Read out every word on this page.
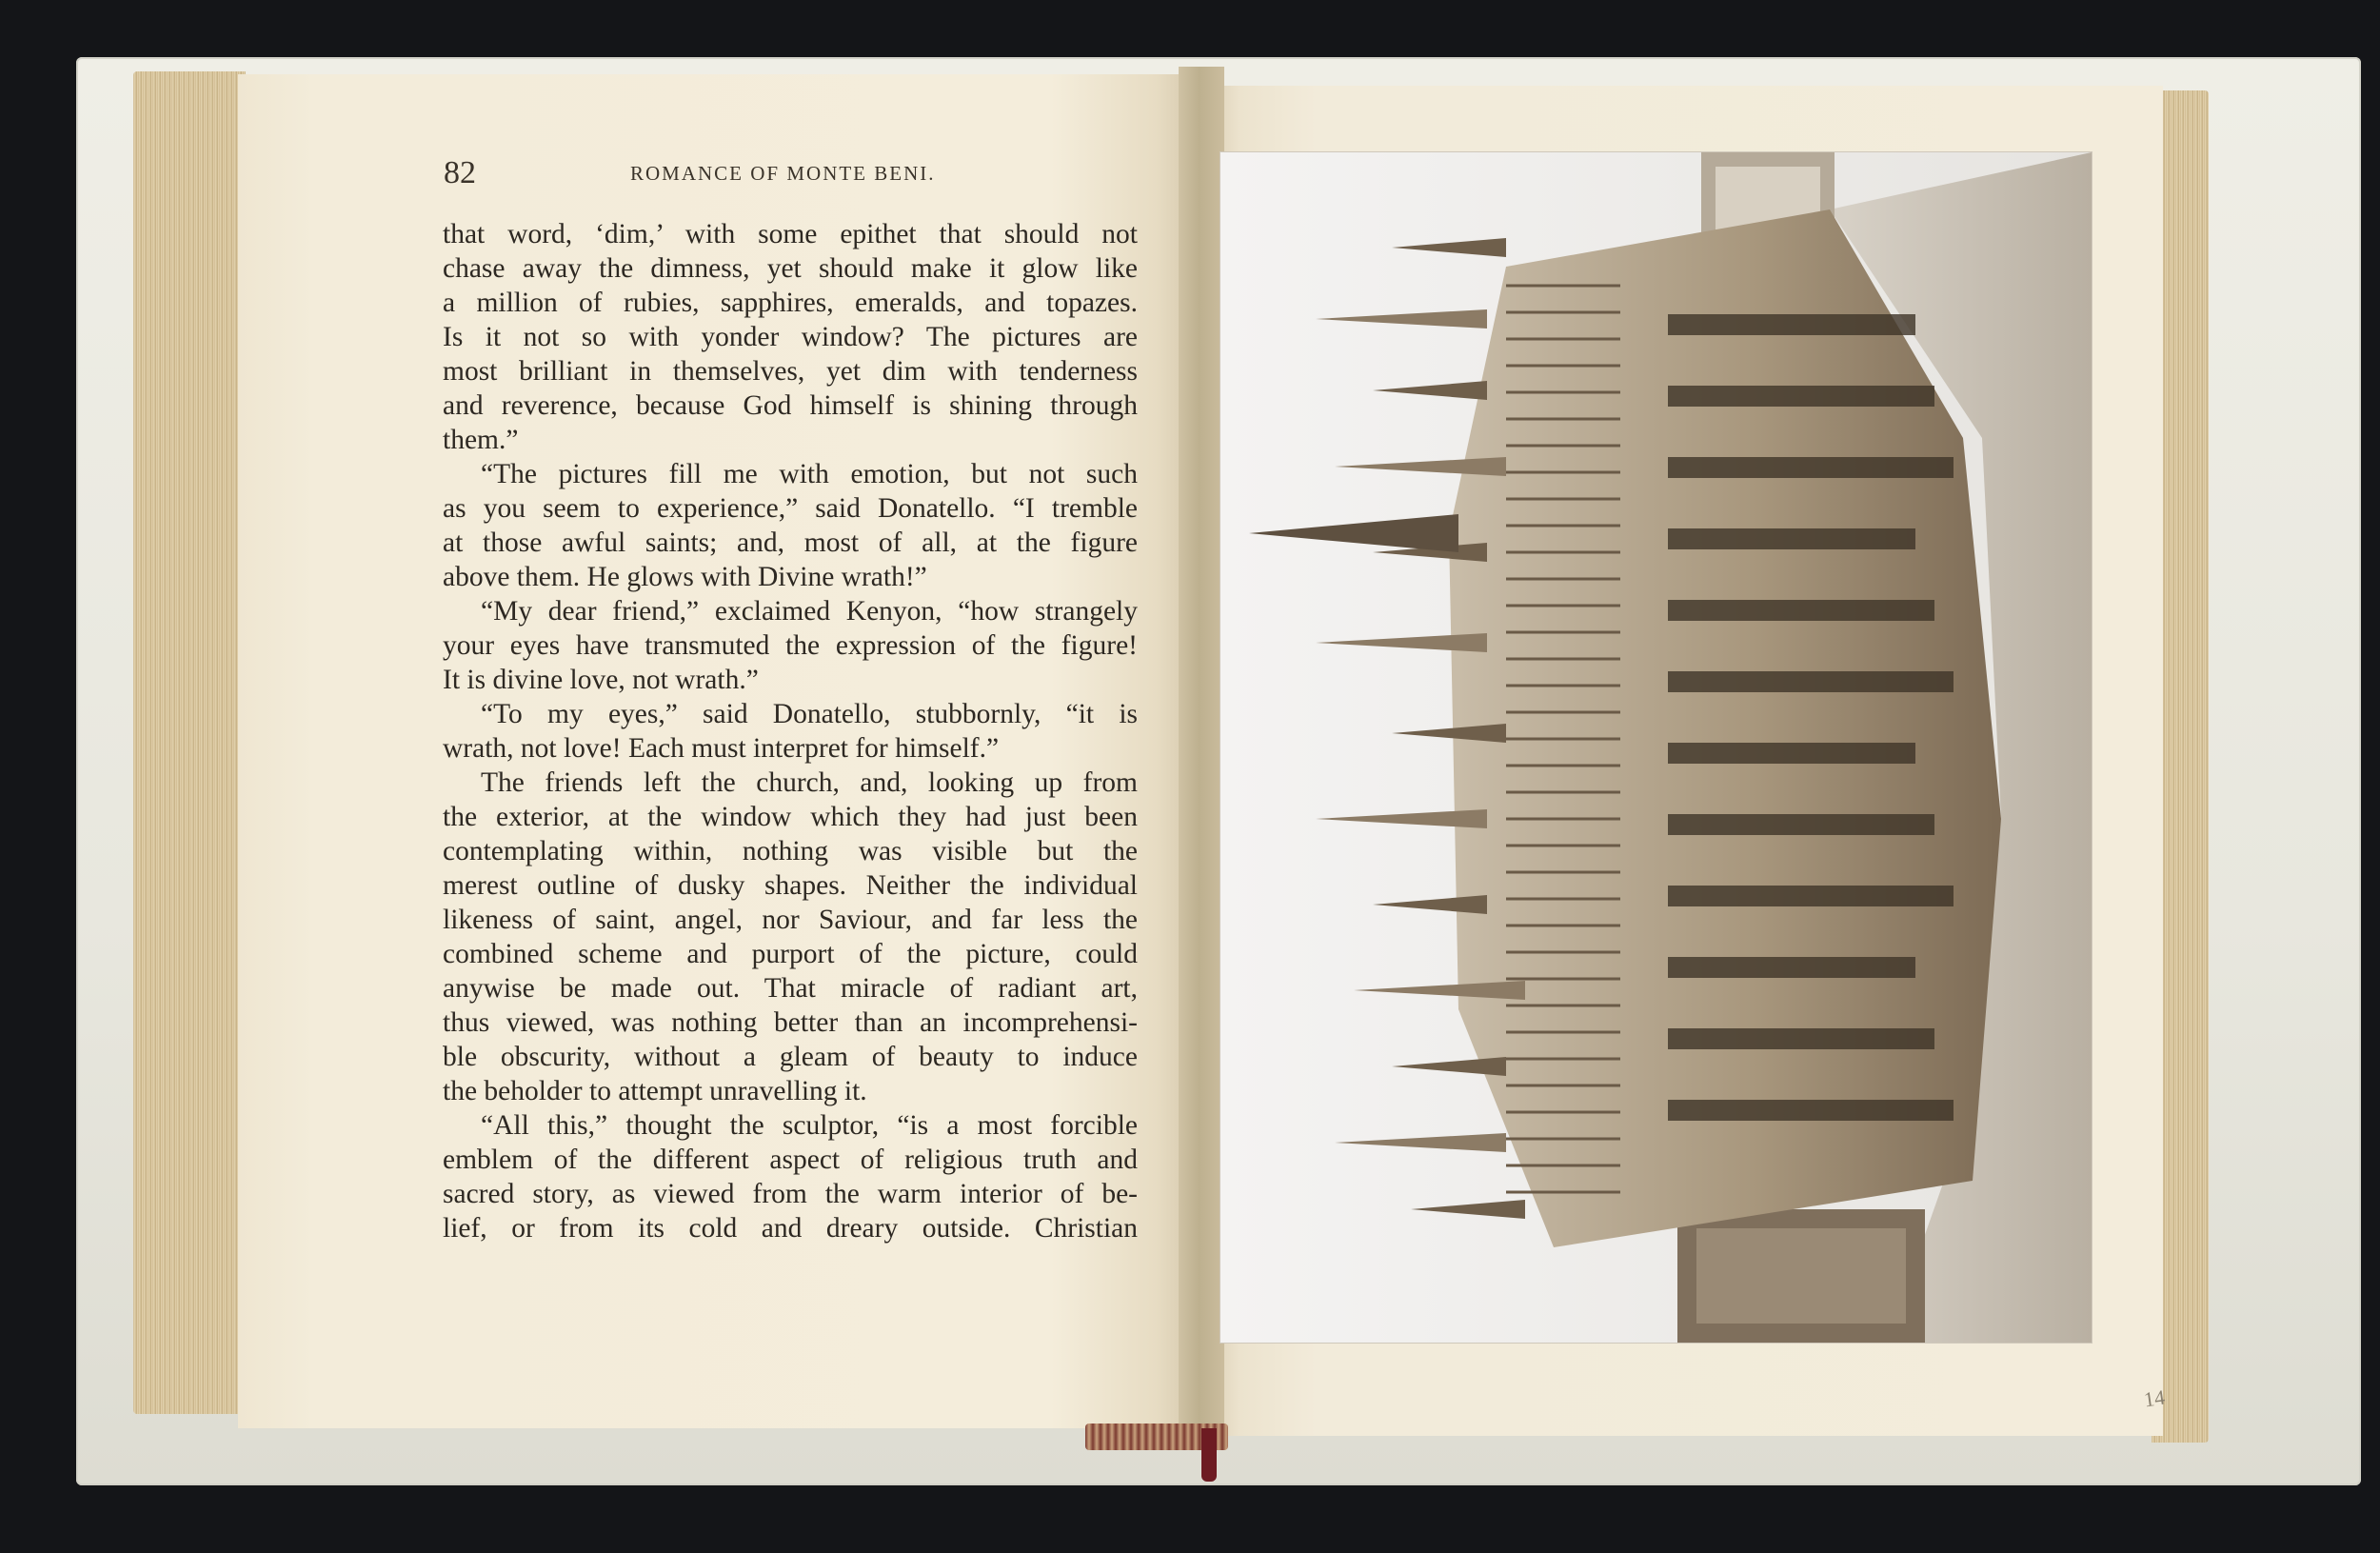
82	ROMANCE OF MONTE BENI.
that word, ‘dim,’ with some epithet that should not
chase away the dimness, yet should make it glow like
a million of rubies, sapphires, emeralds, and topazes.
Is it not so with yonder window? The pictures are
most brilliant in themselves, yet dim with tenderness
and reverence, because God himself is shining through
them.”
“The pictures fill me with emotion, but not such
as you seem to experience,” said Donatello. “I tremble
at those awful saints; and, most of all, at the figure
above them. He glows with Divine wrath!”
“My dear friend,” exclaimed Kenyon, “how strangely
your eyes have transmuted the expression of the figure!
It is divine love, not wrath.”
“To my eyes,” said Donatello, stubbornly, “it is
wrath, not love! Each must interpret for himself.”
The friends left the church, and, looking up from
the exterior, at the window which they had just been
contemplating within, nothing was visible but the
merest outline of dusky shapes. Neither the individual
likeness of saint, angel, nor Saviour, and far less the
combined scheme and purport of the picture, could
anywise be made out. That miracle of radiant art,
thus viewed, was nothing better than an incomprehensi-
ble obscurity, without a gleam of beauty to induce
the beholder to attempt unravelling it.
“All this,” thought the sculptor, “is a most forcible
emblem of the different aspect of religious truth and
sacred story, as viewed from the warm interior of be-
lief, or from its cold and dreary outside. Christian
14
